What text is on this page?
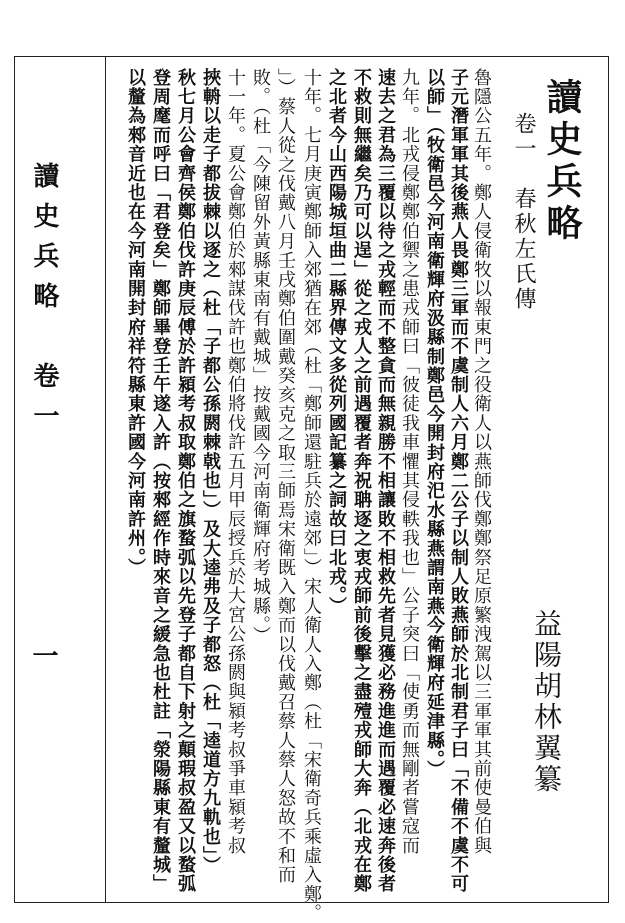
讀史兵略
卷一　春秋左氏傳
益陽胡林翼纂
魯隱公五年。鄭人侵衛牧以報東門之役衛人以燕師伐鄭鄭祭足原繁洩駕以三軍軍其前使曼伯與
子元潛軍軍其後燕人畏鄭三軍而不虞制人六月鄭二公子以制人敗燕師於北制君子曰「不備不虞不可
以師」（牧衛邑今河南衛輝府汲縣制鄭邑今開封府汜水縣燕謂南燕今衛輝府延津縣。）
九年。北戎侵鄭鄭伯禦之患戎師曰「彼徒我車懼其侵軼我也」公子突曰「使勇而無剛者嘗寇而
速去之君為三覆以待之戎輕而不整貪而無親勝不相讓敗不相救先者見獲必務進進而遇覆必速奔後者
不救則無繼矣乃可以逞」從之戎人之前遇覆者奔祝聃逐之衷戎師前後擊之盡殪戎師大奔（北戎在鄭
之北者今山西陽城垣曲二縣界傳文多從列國記纂之詞故曰北戎。）
十年。七月庚寅鄭師入郊猶在郊（杜「鄭師還駐兵於遠郊」）宋人衛人入鄭（杜「宋衛奇兵乘虛入鄭。
」）蔡人從之伐戴八月壬戌鄭伯圍戴癸亥克之取三師焉宋衛既入鄭而以伐戴召蔡人蔡人怒故不和而
敗。（杜「今陳留外黃縣東南有戴城」按戴國今河南衛輝府考城縣。）
十一年。夏公會鄭伯於郲謀伐許也鄭伯將伐許五月甲辰授兵於大宮公孫閼與潁考叔爭車潁考叔
挾輈以走子都拔棘以逐之（杜「子都公孫閼棘戟也」）及大逵弗及子都怒（杜「逵道方九軌也」）
秋七月公會齊侯鄭伯伐許庚辰傅於許潁考叔取鄭伯之旗蝥弧以先登子都自下射之顛瑕叔盈又以蝥弧
登周麾而呼曰「君登矣」鄭師畢登壬午遂入許（按郲經作時來音之緩急也杜註「滎陽縣東有釐城」
以釐為郲音近也在今河南開封府祥符縣東許國今河南許州。）
讀史兵略　卷一
一
